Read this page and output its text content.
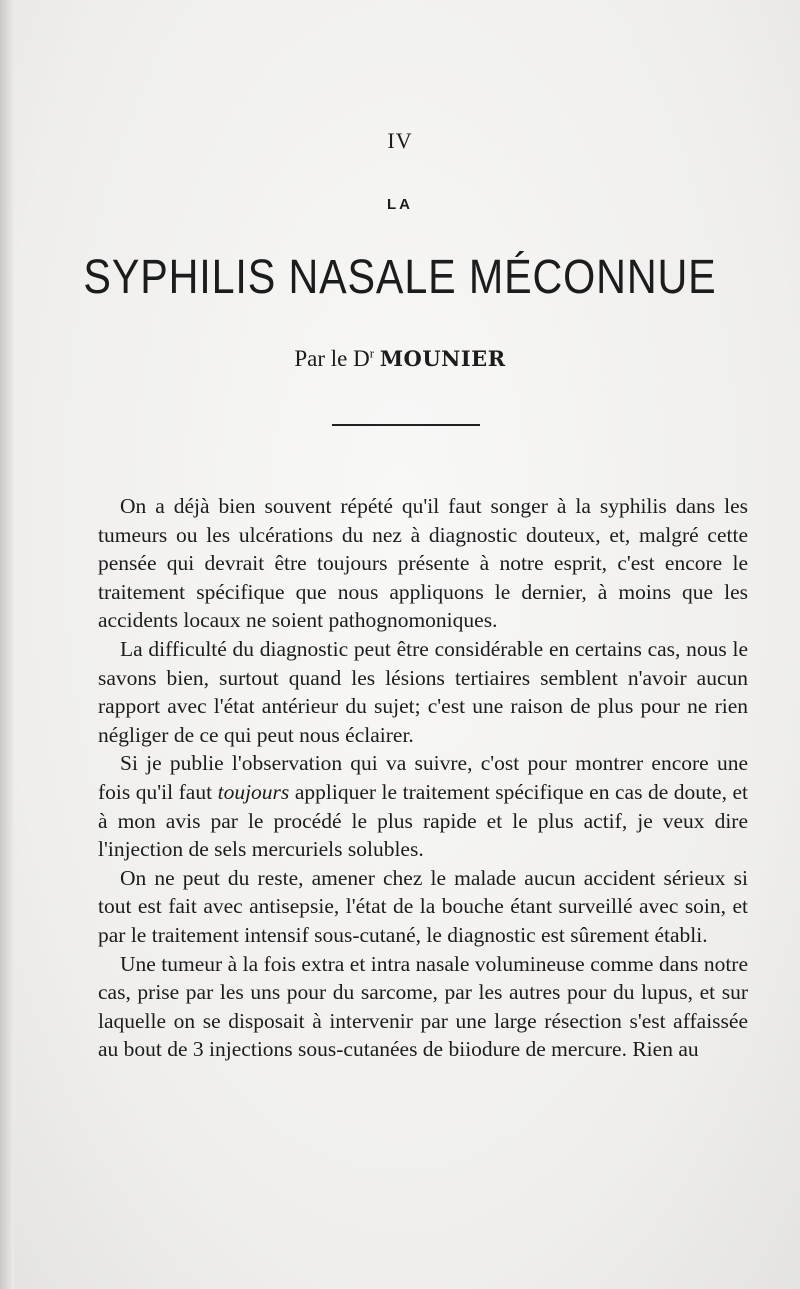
IV
LA
SYPHILIS NASALE MÉCONNUE
Par le $D^r$ MOUNIER

On a déjà bien souvent répété qu'il faut songer à la syphilis dans les tumeurs ou les ulcérations du nez à diagnostic douteux, et, malgré cette pensée qui devrait être toujours présente à notre esprit, c'est encore le traitement spécifique que nous appliquons le dernier, à moins que les accidents locaux ne soient pathognomoniques.

La difficulté du diagnostic peut être considérable en certains cas, nous le savons bien, surtout quand les lésions tertiaires semblent n'avoir aucun rapport avec l'état antérieur du sujet; c'est une raison de plus pour ne rien négliger de ce qui peut nous éclairer.

Si je publie l'observation qui va suivre, c'ost pour montrer encore une fois qu'il faut toujours appliquer le traitement spécifique en cas de doute, et à mon avis par le procédé le plus rapide et le plus actif, je veux dire l'injection de sels mercuriels solubles.

On ne peut du reste, amener chez le malade aucun accident sérieux si tout est fait avec antisepsie, l'état de la bouche étant surveillé avec soin, et par le traitement intensif sous-cutané, le diagnostic est sûrement établi.

Une tumeur à la fois extra et intra nasale volumineuse comme dans notre cas, prise par les uns pour du sarcome, par les autres pour du lupus, et sur laquelle on se disposait à intervenir par une large résection s'est affaissée au bout de 3 injections sous-cutanées de biiodure de mercure. Rien au
